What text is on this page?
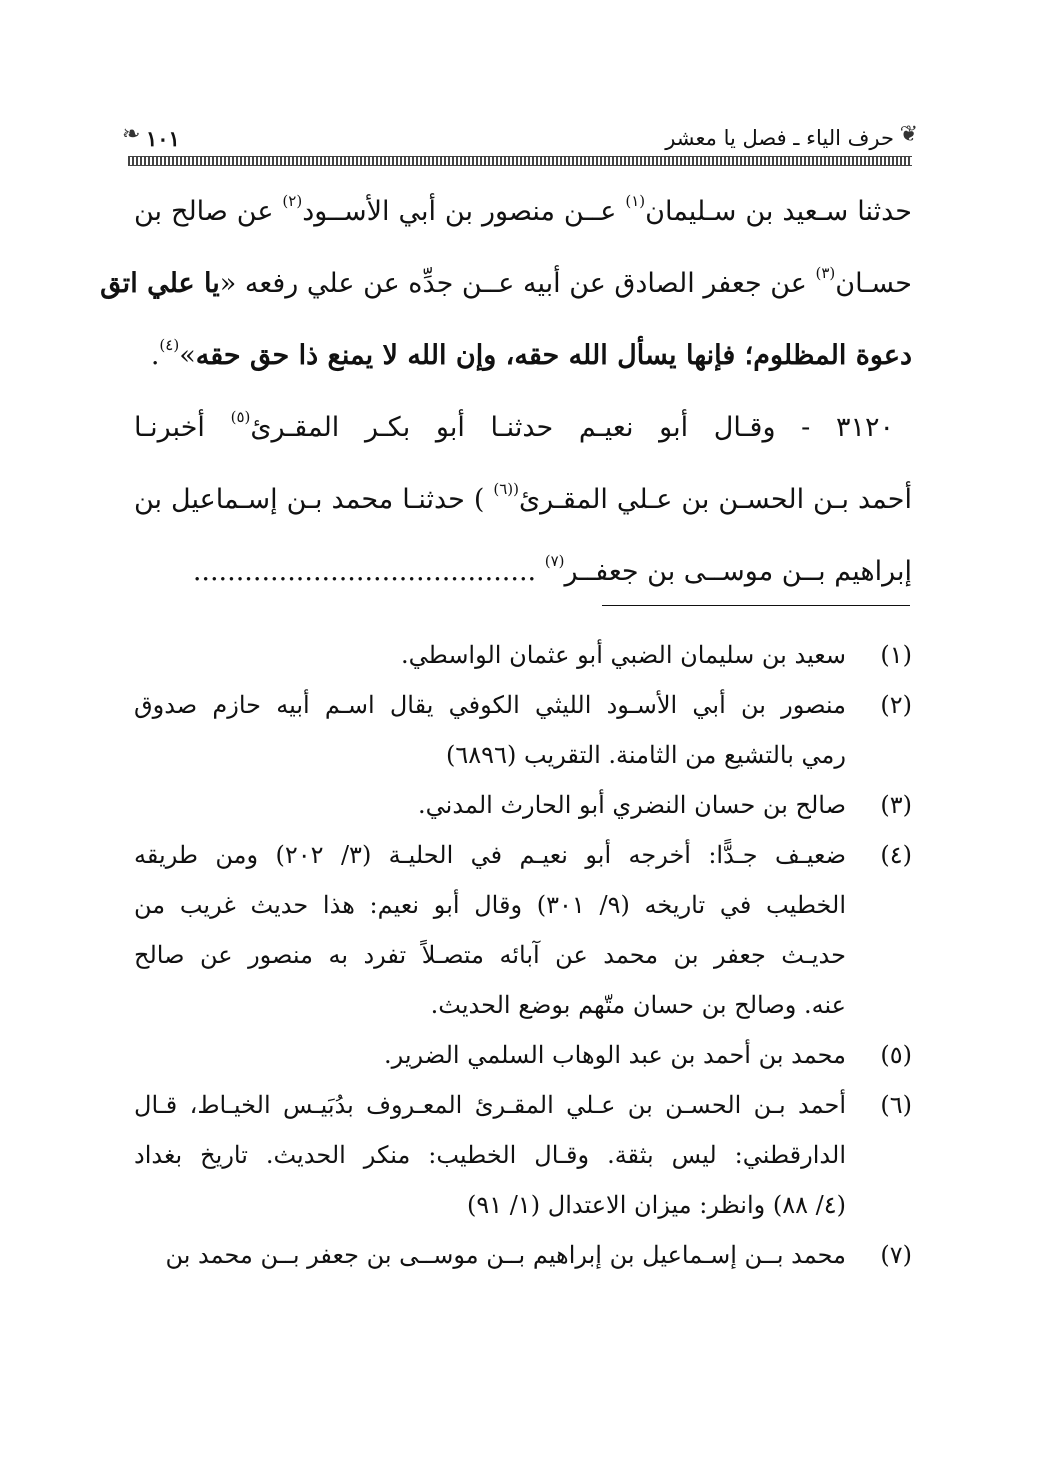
❦
حرف الياء ـ فصل يا معشر
١٠١
❧
حدثنا سـعيد بن سـليمان$^{(١)}$ عــن منصور بن أبي الأســود$^{(٢)}$ عن صالح بن
حسـان$^{(٣)}$ عن جعفر الصادق عن أبيه عــن جدِّه عن علي رفعه «يا علي اتق
دعوة المظلوم؛ فإنها يسأل الله حقه، وإن الله لا يمنع ذا حق حقه»$^{(٤)}$.
٣١٢٠ - وقـال أبو نعيـم حدثنـا أبو بكـر المقـرئ$^{(٥)}$ أخبرنـا
أحمد بـن الحسـن بن عـلي المقـرئ$^{((٦)}$ ) حدثنـا محمد بـن إسـماعيل بن
إبراهيم بــن موســى بن جعفــر$^{(٧)}$ ........................................
(١)
سعيد بن سليمان الضبي أبو عثمان الواسطي.
(٢)
منصور بن أبي الأسـود الليثي الكوفي يقال اسـم أبيه حازم صدوق
رمي بالتشيع من الثامنة. التقريب (٦٨٩٦)
(٣)
صالح بن حسان النضري أبو الحارث المدني.
(٤)
ضعيـف جـدًّا: أخرجه أبو نعيـم في الحليـة (٣/ ٢٠٢) ومن طريقه
الخطيب في تاريخه (٩/ ٣٠١) وقال أبو نعيم: هذا حديث غريب من
حديـث جعفر بن محمد عن آبائه متصـلاً تفرد به منصور عن صالح
عنه. وصالح بن حسان متّهم بوضع الحديث.
(٥)
محمد بن أحمد بن عبد الوهاب السلمي الضرير.
(٦)
أحمد بـن الحسـن بن عـلي المقـرئ المعـروف بدُبَيـس الخيـاط، قـال
الدارقطني: ليس بثقة. وقـال الخطيب: منكر الحديث. تاريخ بغداد
(٤/ ٨٨) وانظر: ميزان الاعتدال (١/ ٩١)
(٧)
محمد بــن إسـماعيل بن إبراهيم بــن موســى بن جعفر بــن محمد بن
